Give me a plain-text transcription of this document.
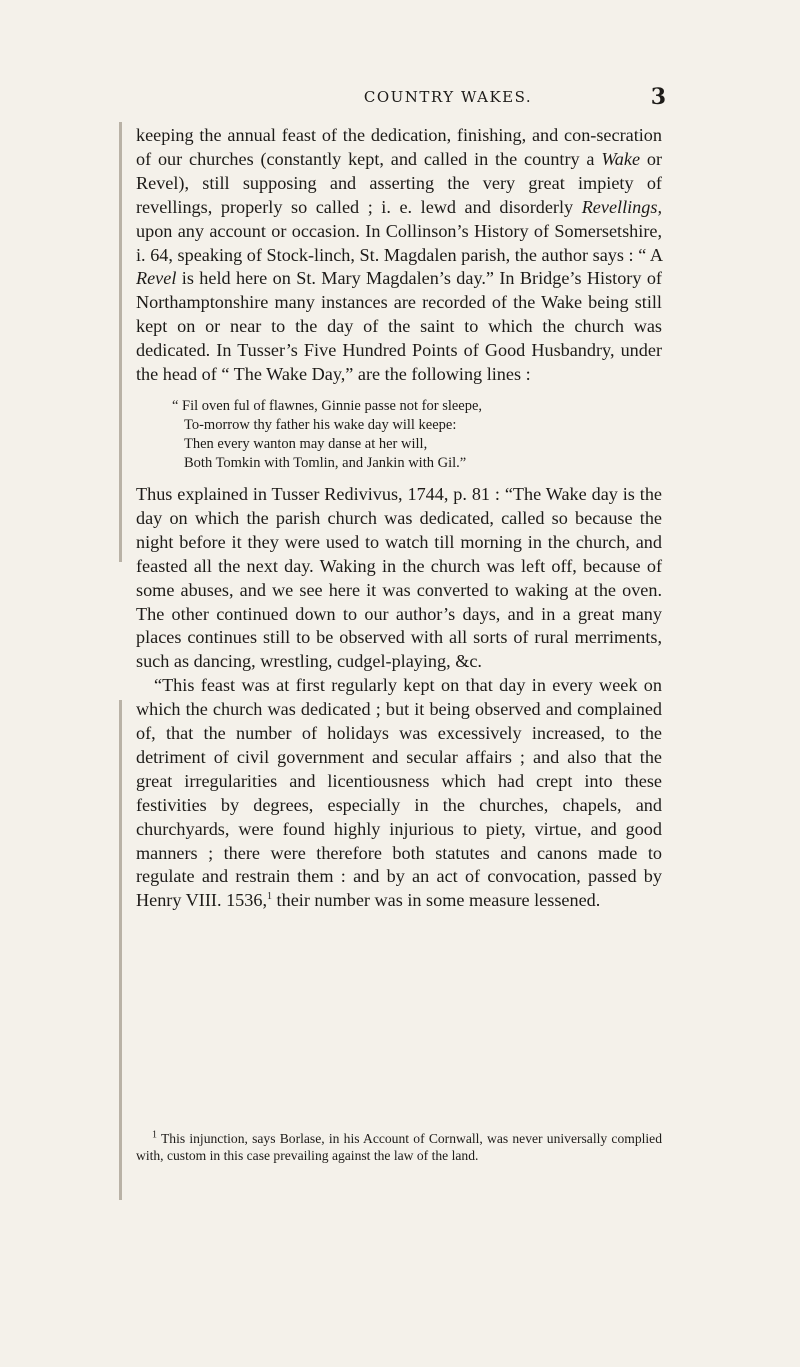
COUNTRY WAKES.	3

keeping the annual feast of the dedication, finishing, and con-secration of our churches (constantly kept, and called in the country a Wake or Revel), still supposing and asserting the very great impiety of revellings, properly so called ; i. e. lewd and disorderly Revellings, upon any account or occasion. In Collinson’s History of Somersetshire, i. 64, speaking of Stock-linch, St. Magdalen parish, the author says : “ A Revel is held here on St. Mary Magdalen’s day.” In Bridge’s History of Northamptonshire many instances are recorded of the Wake being still kept on or near to the day of the saint to which the church was dedicated. In Tusser’s Five Hundred Points of Good Husbandry, under the head of “ The Wake Day,” are the following lines :

“ Fil oven ful of flawnes, Ginnie passe not for sleepe,
To-morrow thy father his wake day will keepe:
Then every wanton may danse at her will,
Both Tomkin with Tomlin, and Jankin with Gil.”

Thus explained in Tusser Redivivus, 1744, p. 81 : “The Wake day is the day on which the parish church was dedicated, called so because the night before it they were used to watch till morning in the church, and feasted all the next day. Waking in the church was left off, because of some abuses, and we see here it was converted to waking at the oven. The other continued down to our author’s days, and in a great many places continues still to be observed with all sorts of rural merriments, such as dancing, wrestling, cudgel-playing, &c.

“This feast was at first regularly kept on that day in every week on which the church was dedicated ; but it being observed and complained of, that the number of holidays was excessively increased, to the detriment of civil government and secular affairs ; and also that the great irregularities and licentiousness which had crept into these festivities by degrees, especially in the churches, chapels, and churchyards, were found highly injurious to piety, virtue, and good manners ; there were therefore both statutes and canons made to regulate and restrain them : and by an act of convocation, passed by Henry VIII. 1536,$^1$ their number was in some measure lessened.

$^1$ This injunction, says Borlase, in his Account of Cornwall, was never universally complied with, custom in this case prevailing against the law of the land.
